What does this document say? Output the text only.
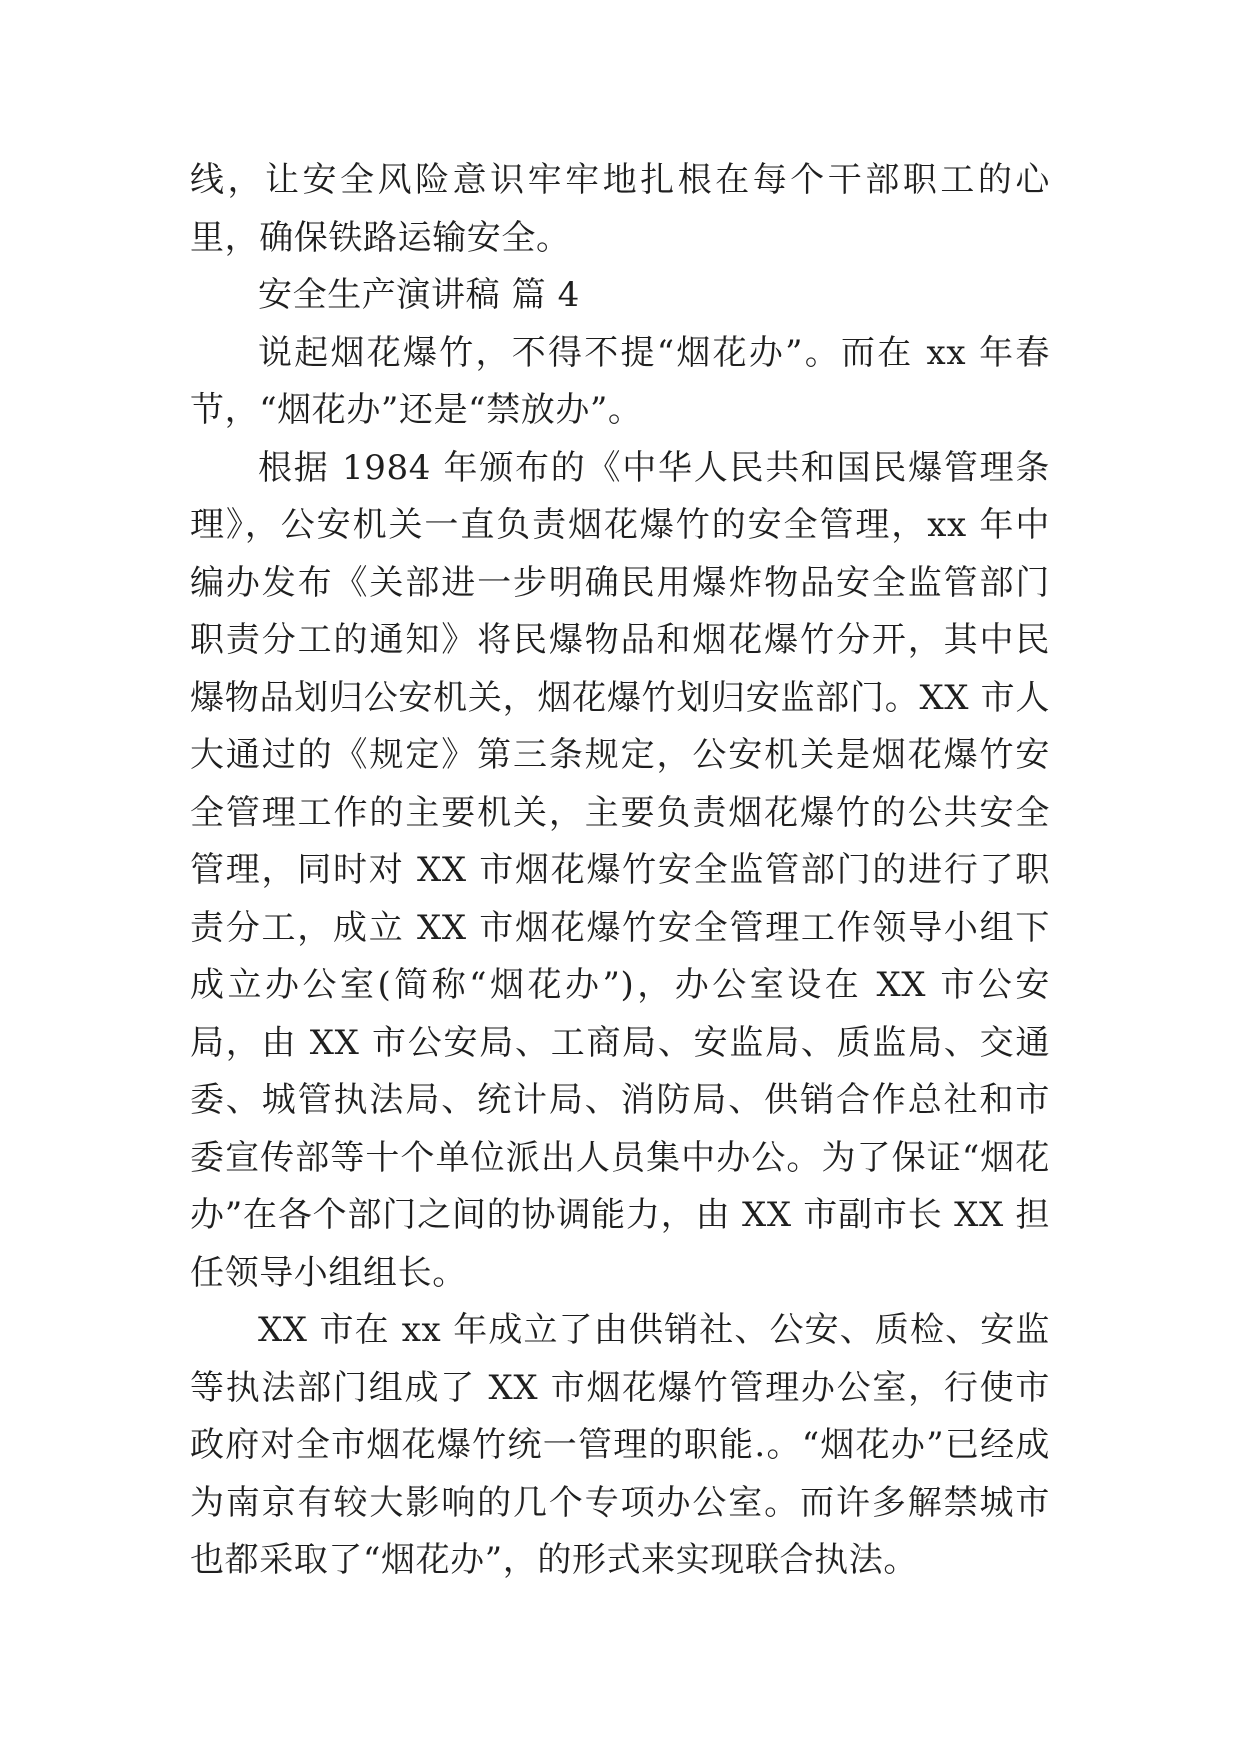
线，让安全风险意识牢牢地扎根在每个干部职工的心里，确保铁路运输安全。

安全生产演讲稿 篇 4

说起烟花爆竹，不得不提“烟花办”。而在 xx 年春节，“烟花办”还是“禁放办”。

根据 1984 年颁布的《中华人民共和国民爆管理条理》，公安机关一直负责烟花爆竹的安全管理，xx 年中编办发布《关部进一步明确民用爆炸物品安全监管部门职责分工的通知》将民爆物品和烟花爆竹分开，其中民爆物品划归公安机关，烟花爆竹划归安监部门。XX 市人大通过的《规定》第三条规定，公安机关是烟花爆竹安全管理工作的主要机关，主要负责烟花爆竹的公共安全管理，同时对 XX 市烟花爆竹安全监管部门的进行了职责分工，成立 XX 市烟花爆竹安全管理工作领导小组下成立办公室(简称“烟花办”)，办公室设在 XX 市公安局，由 XX 市公安局、工商局、安监局、质监局、交通委、城管执法局、统计局、消防局、供销合作总社和市委宣传部等十个单位派出人员集中办公。为了保证“烟花办”在各个部门之间的协调能力，由 XX 市副市长 XX 担任领导小组组长。

XX 市在 xx 年成立了由供销社、公安、质检、安监等执法部门组成了 XX 市烟花爆竹管理办公室，行使市政府对全市烟花爆竹统一管理的职能.。“烟花办”已经成为南京有较大影响的几个专项办公室。而许多解禁城市也都采取了“烟花办”，的形式来实现联合执法。
